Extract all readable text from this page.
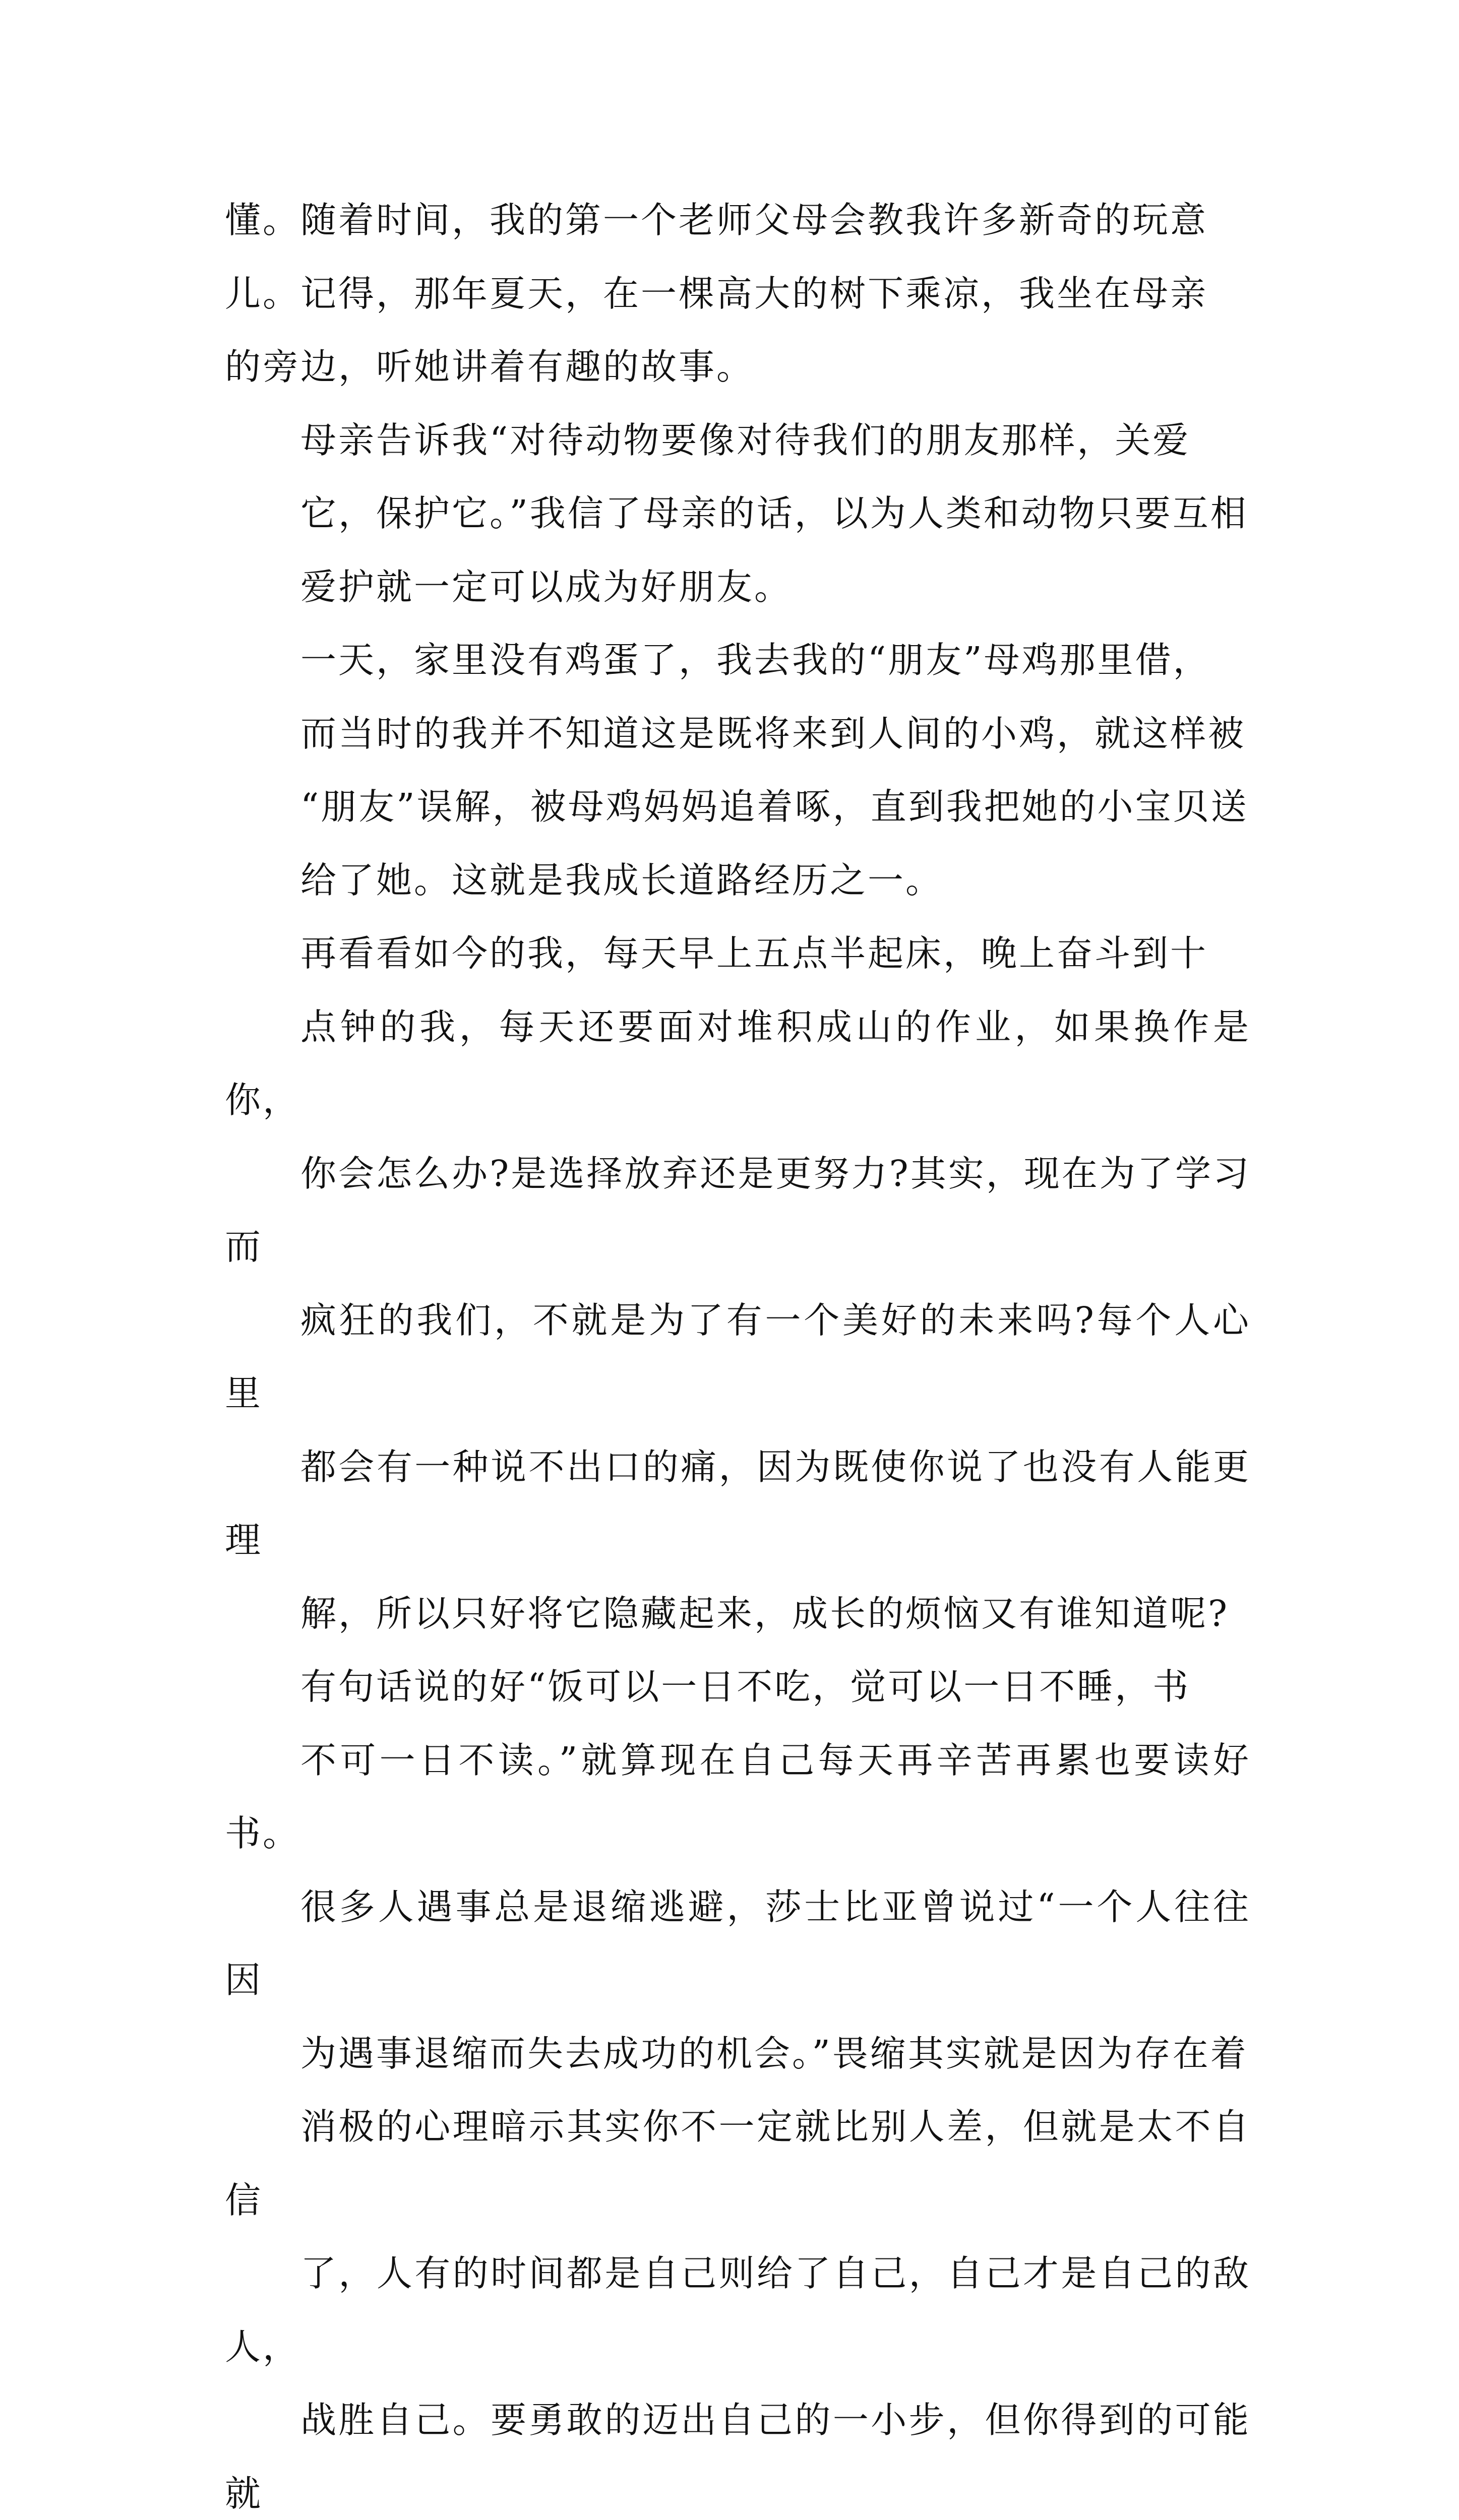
懂。随着时间，我的第一个老师父母会教我许多新奇的玩意
儿。记得，那年夏天，在一棵高大的树下乘凉，我坐在母亲
的旁边，听她讲着有趣的故事。
母亲告诉我“对待动物要像对待我们的朋友那样，关爱
它，保护它。”我信了母亲的话，以为人类和动物只要互相
爱护就一定可以成为好朋友。
一天，家里没有鸡蛋了，我去我的“朋友”母鸡那里借，
而当时的我并不知道这是既将来到人间的小鸡，就这样被
“朋友”误解，被母鸡妈妈追着啄，直到我把她的小宝贝送
给了她。这就是我成长道路经历之一。
再看看如今的我，每天早上五点半起床，晚上奋斗到十
点钟的我，每天还要面对堆积成山的作业，如果换作是你，
你会怎么办?是选择放弃还是更努力?其实，现在为了学习而
疯狂的我们，不就是为了有一个美好的未来吗?每个人心里
都会有一种说不出口的痛，因为既使你说了也没有人能更理
解，所以只好将它隐藏起来，成长的烦恼又有谁知道呢?
有句话说的好“饭可以一日不吃，觉可以一日不睡，书
不可一日不读。”就算现在自己每天再辛苦再累也要读好书。
很多人遇事总是退缩逃避，莎士比亚曾说过“一个人往往因
为遇事退缩而失去成功的机会。”畏缩其实就是因为存在着
消极的心理暗示其实你不一定就比别人差，但就是太不自信
了，人有的时间都是自己则给了自己，自己才是自己的敌人，
战胜自己。要勇敢的迈出自己的一小步，但你得到的可能就
